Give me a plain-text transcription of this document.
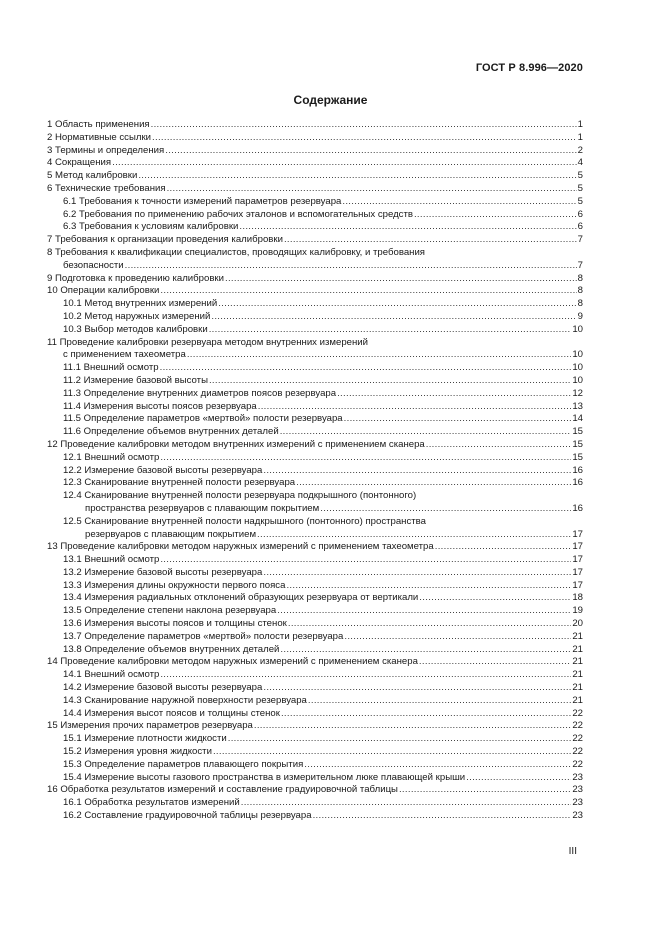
ГОСТ Р 8.996—2020
Содержание
1 Область применения .....	1
2 Нормативные ссылки .....	1
3 Термины и определения .....	2
4 Сокращения .....	4
5 Метод калибровки .....	5
6 Технические требования .....	5
6.1 Требования к точности измерений параметров резервуара .....	5
6.2 Требования по применению рабочих эталонов и вспомогательных средств .....	6
6.3 Требования к условиям калибровки .....	6
7 Требования к организации проведения калибровки .....	7
8 Требования к квалификации специалистов, проводящих калибровку, и требования
безопасности .....	7
9 Подготовка к проведению калибровки .....	8
10 Операции калибровки .....	8
10.1 Метод внутренних измерений .....	8
10.2 Метод наружных измерений .....	9
10.3 Выбор методов калибровки .....	10
11 Проведение калибровки резервуара методом внутренних измерений
с применением тахеометра .....	10
11.1 Внешний осмотр .....	10
11.2 Измерение базовой высоты .....	10
11.3 Определение внутренних диаметров поясов резервуара .....	12
11.4 Измерения высоты поясов резервуара .....	13
11.5 Определение параметров «мертвой» полости резервуара .....	14
11.6 Определение объемов внутренних деталей .....	15
12 Проведение калибровки методом внутренних измерений с применением сканера .....	15
12.1 Внешний осмотр .....	15
12.2 Измерение базовой высоты резервуара .....	16
12.3 Сканирование внутренней полости резервуара .....	16
12.4 Сканирование внутренней полости резервуара подкрышного (понтонного)
пространства резервуаров с плавающим покрытием .....	16
12.5 Сканирование внутренней полости надкрышного (понтонного) пространства
резервуаров с плавающим покрытием .....	17
13 Проведение калибровки методом наружных измерений с применением тахеометра .....	17
13.1 Внешний осмотр .....	17
13.2 Измерение базовой высоты резервуара .....	17
13.3 Измерения длины окружности первого пояса .....	17
13.4 Измерения радиальных отклонений образующих резервуара от вертикали .....	18
13.5 Определение степени наклона резервуара .....	19
13.6 Измерения высоты поясов и толщины стенок .....	20
13.7 Определение параметров «мертвой» полости резервуара .....	21
13.8 Определение объемов внутренних деталей .....	21
14 Проведение калибровки методом наружных измерений с применением сканера .....	21
14.1 Внешний осмотр .....	21
14.2 Измерение базовой высоты резервуара .....	21
14.3 Сканирование наружной поверхности резервуара .....	21
14.4 Измерения высот поясов и толщины стенок .....	22
15 Измерения прочих параметров резервуара .....	22
15.1 Измерение плотности жидкости .....	22
15.2 Измерения уровня жидкости .....	22
15.3 Определение параметров плавающего покрытия .....	22
15.4 Измерение высоты газового пространства в измерительном люке плавающей крыши .....	23
16 Обработка результатов измерений и составление градуировочной таблицы .....	23
16.1 Обработка результатов измерений .....	23
16.2 Составление градуировочной таблицы резервуара .....	23
III
